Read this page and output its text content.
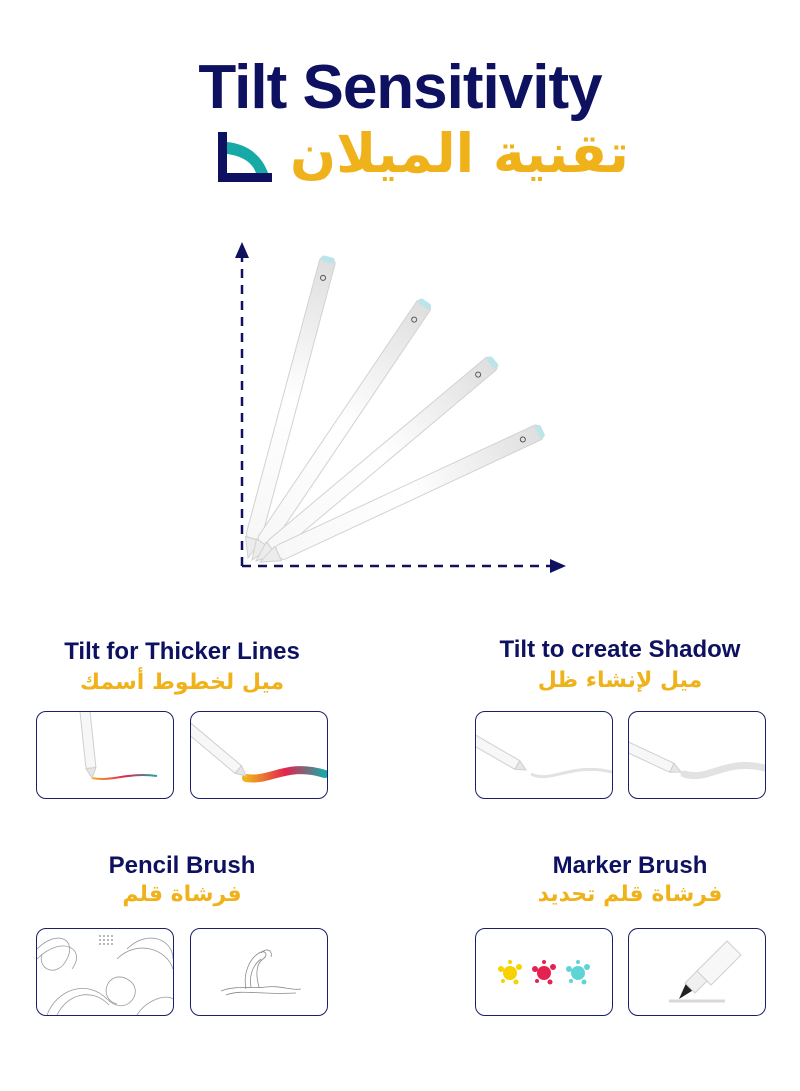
Tilt Sensitivity
تقنية الميلان
Tilt for Thicker Lines
ميل لخطوط أسمك
Tilt to create Shadow
ميل لإنشاء ظل
Pencil Brush
فرشاة قلم
Marker Brush
فرشاة قلم تحديد
